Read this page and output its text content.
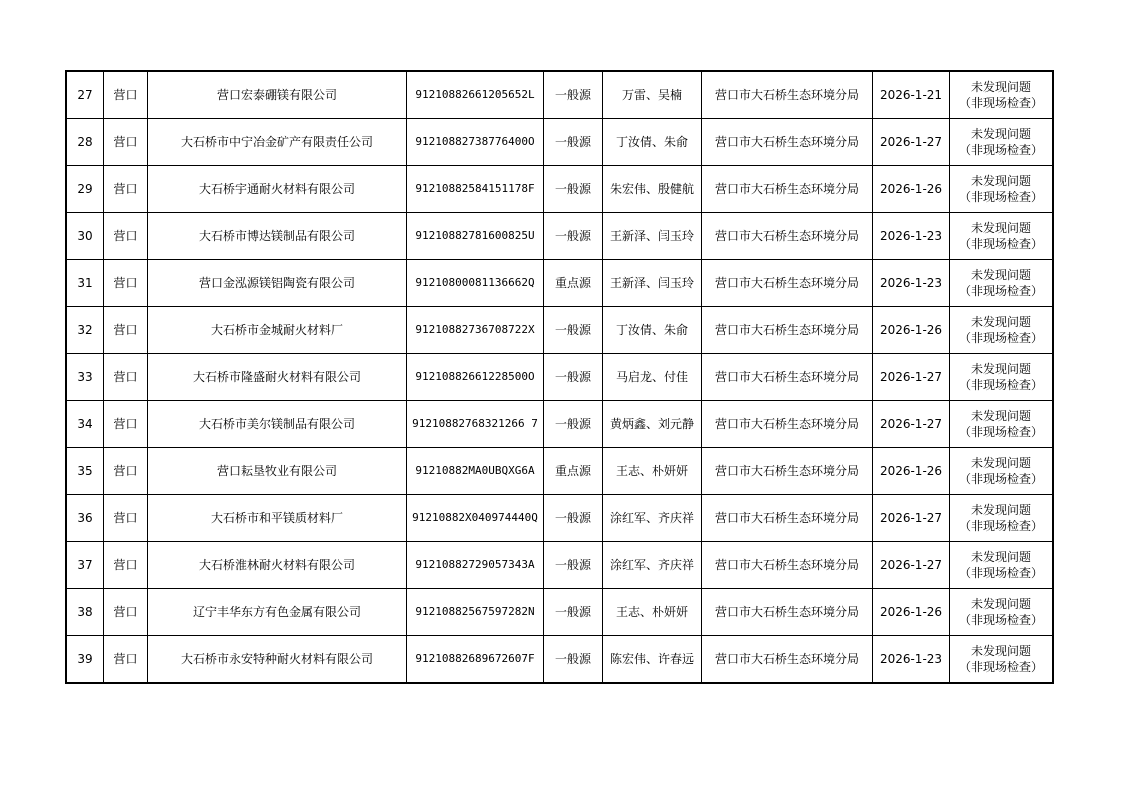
27	营口	营口宏泰硼镁有限公司	91210882661205652L	一般源	万雷、吴楠	营口市大石桥生态环境分局	2026-1-21	未发现问题
（非现场检查）

28	营口	大石桥市中宁冶金矿产有限责任公司	91210882738776400O	一般源	丁汝倩、朱俞	营口市大石桥生态环境分局	2026-1-27	未发现问题
（非现场检查）

29	营口	大石桥宇通耐火材料有限公司	91210882584151178F	一般源	朱宏伟、殷健航	营口市大石桥生态环境分局	2026-1-26	未发现问题
（非现场检查）

30	营口	大石桥市博达镁制品有限公司	91210882781600825U	一般源	王新泽、闫玉玲	营口市大石桥生态环境分局	2026-1-23	未发现问题
（非现场检查）

31	营口	营口金泓源镁铝陶瓷有限公司	91210800081136662Q	重点源	王新泽、闫玉玲	营口市大石桥生态环境分局	2026-1-23	未发现问题
（非现场检查）

32	营口	大石桥市金城耐火材料厂	91210882736708722X	一般源	丁汝倩、朱俞	营口市大石桥生态环境分局	2026-1-26	未发现问题
（非现场检查）

33	营口	大石桥市隆盛耐火材料有限公司	91210882661228500O	一般源	马启龙、付佳	营口市大石桥生态环境分局	2026-1-27	未发现问题
（非现场检查）

34	营口	大石桥市美尔镁制品有限公司	91210882768321266 7	一般源	黄炳鑫、刘元静	营口市大石桥生态环境分局	2026-1-27	未发现问题
（非现场检查）

35	营口	营口耘垦牧业有限公司	91210882MA0UBQXG6A	重点源	王志、朴妍妍	营口市大石桥生态环境分局	2026-1-26	未发现问题
（非现场检查）

36	营口	大石桥市和平镁质材料厂	91210882X040974440Q	一般源	涂红军、齐庆祥	营口市大石桥生态环境分局	2026-1-27	未发现问题
（非现场检查）

37	营口	大石桥淮林耐火材料有限公司	91210882729057343A	一般源	涂红军、齐庆祥	营口市大石桥生态环境分局	2026-1-27	未发现问题
（非现场检查）

38	营口	辽宁丰华东方有色金属有限公司	91210882567597282N	一般源	王志、朴妍妍	营口市大石桥生态环境分局	2026-1-26	未发现问题
（非现场检查）

39	营口	大石桥市永安特种耐火材料有限公司	91210882689672607F	一般源	陈宏伟、许春远	营口市大石桥生态环境分局	2026-1-23	未发现问题
（非现场检查）
